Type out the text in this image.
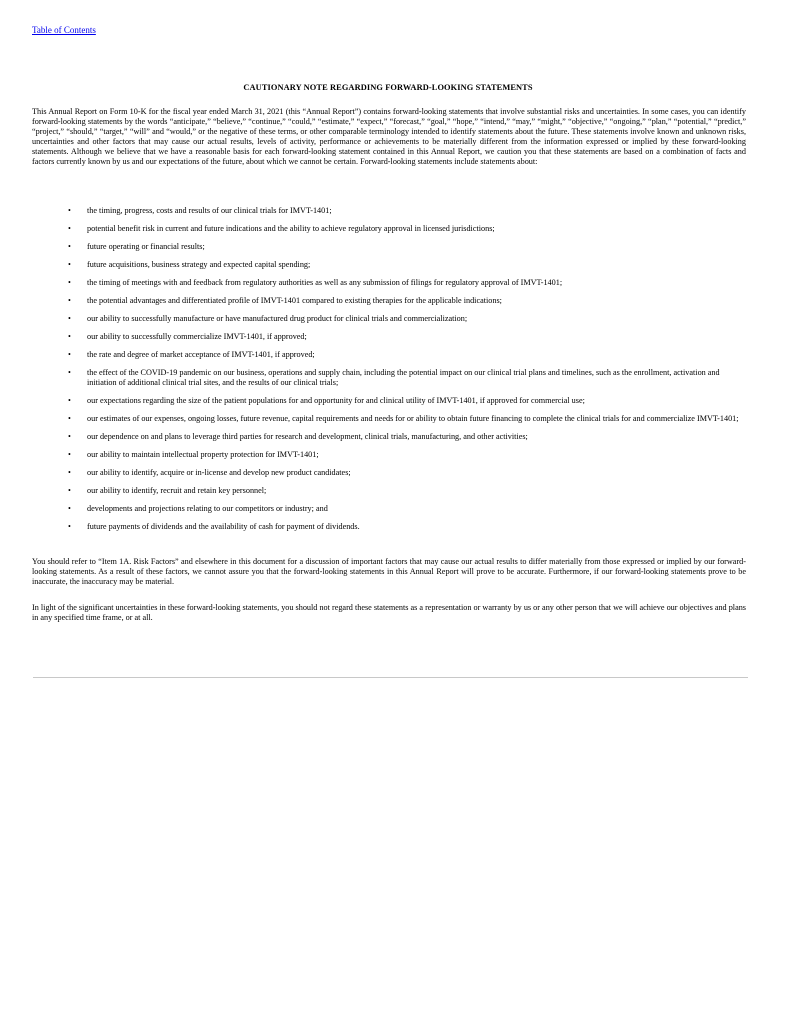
Table of Contents
CAUTIONARY NOTE REGARDING FORWARD-LOOKING STATEMENTS

This Annual Report on Form 10-K for the fiscal year ended March 31, 2021 (this “Annual Report”) contains forward-looking statements that involve substantial risks and uncertainties. In some cases, you can identify forward-looking statements by the words “anticipate,” “believe,” “continue,” “could,” “estimate,” “expect,” “forecast,” “goal,” “hope,” “intend,” “may,” “might,” “objective,” “ongoing,” “plan,” “potential,” “predict,” “project,” “should,” “target,” “will” and “would,” or the negative of these terms, or other comparable terminology intended to identify statements about the future. These statements involve known and unknown risks, uncertainties and other factors that may cause our actual results, levels of activity, performance or achievements to be materially different from the information expressed or implied by these forward-looking statements. Although we believe that we have a reasonable basis for each forward-looking statement contained in this Annual Report, we caution you that these statements are based on a combination of facts and factors currently known by us and our expectations of the future, about which we cannot be certain. Forward-looking statements include statements about:

• the timing, progress, costs and results of our clinical trials for IMVT-1401;
• potential benefit risk in current and future indications and the ability to achieve regulatory approval in licensed jurisdictions;
• future operating or financial results;
• future acquisitions, business strategy and expected capital spending;
• the timing of meetings with and feedback from regulatory authorities as well as any submission of filings for regulatory approval of IMVT-1401;
• the potential advantages and differentiated profile of IMVT-1401 compared to existing therapies for the applicable indications;
• our ability to successfully manufacture or have manufactured drug product for clinical trials and commercialization;
• our ability to successfully commercialize IMVT-1401, if approved;
• the rate and degree of market acceptance of IMVT-1401, if approved;
• the effect of the COVID-19 pandemic on our business, operations and supply chain, including the potential impact on our clinical trial plans and timelines, such as the enrollment, activation and initiation of additional clinical trial sites, and the results of our clinical trials;
• our expectations regarding the size of the patient populations for and opportunity for and clinical utility of IMVT-1401, if approved for commercial use;
• our estimates of our expenses, ongoing losses, future revenue, capital requirements and needs for or ability to obtain future financing to complete the clinical trials for and commercialize IMVT-1401;
• our dependence on and plans to leverage third parties for research and development, clinical trials, manufacturing, and other activities;
• our ability to maintain intellectual property protection for IMVT-1401;
• our ability to identify, acquire or in-license and develop new product candidates;
• our ability to identify, recruit and retain key personnel;
• developments and projections relating to our competitors or industry; and
• future payments of dividends and the availability of cash for payment of dividends.

You should refer to “Item 1A. Risk Factors” and elsewhere in this document for a discussion of important factors that may cause our actual results to differ materially from those expressed or implied by our forward-looking statements. As a result of these factors, we cannot assure you that the forward-looking statements in this Annual Report will prove to be accurate. Furthermore, if our forward-looking statements prove to be inaccurate, the inaccuracy may be material.

In light of the significant uncertainties in these forward-looking statements, you should not regard these statements as a representation or warranty by us or any other person that we will achieve our objectives and plans in any specified time frame, or at all.
